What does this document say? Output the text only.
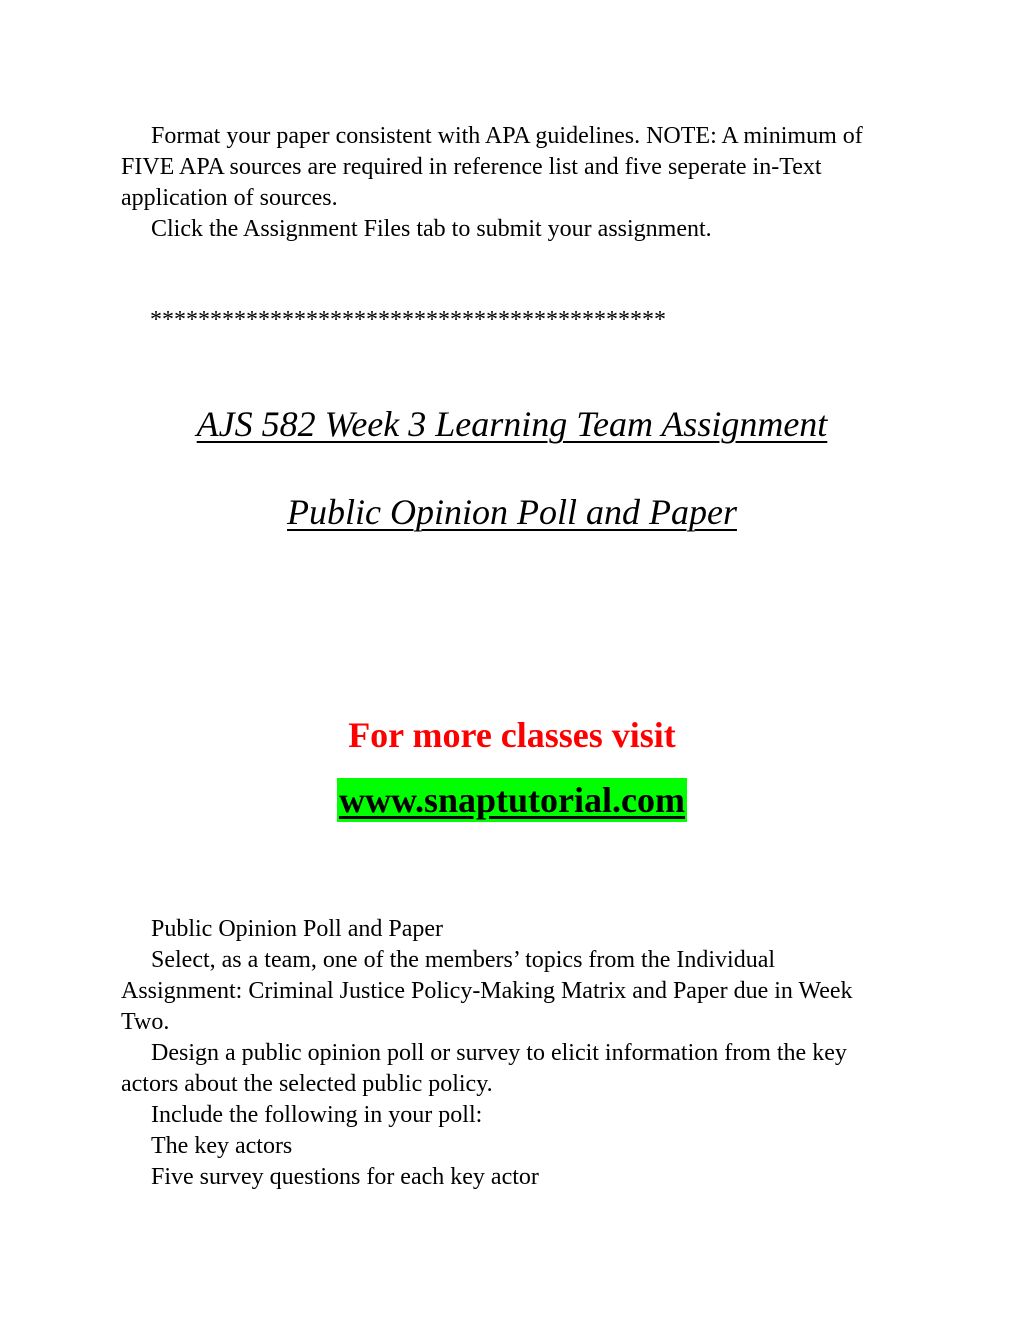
Format your paper consistent with APA guidelines. NOTE: A minimum of FIVE APA sources are required in reference list and five seperate in-Text application of sources.

Click the Assignment Files tab to submit your assignment.

*******************************************
AJS 582 Week 3 Learning Team Assignment
Public Opinion Poll and Paper
For more classes visit
www.snaptutorial.com

Public Opinion Poll and Paper

Select, as a team, one of the members’ topics from the Individual Assignment: Criminal Justice Policy-Making Matrix and Paper due in Week Two.

Design a public opinion poll or survey to elicit information from the key actors about the selected public policy.

Include the following in your poll:

The key actors

Five survey questions for each key actor
